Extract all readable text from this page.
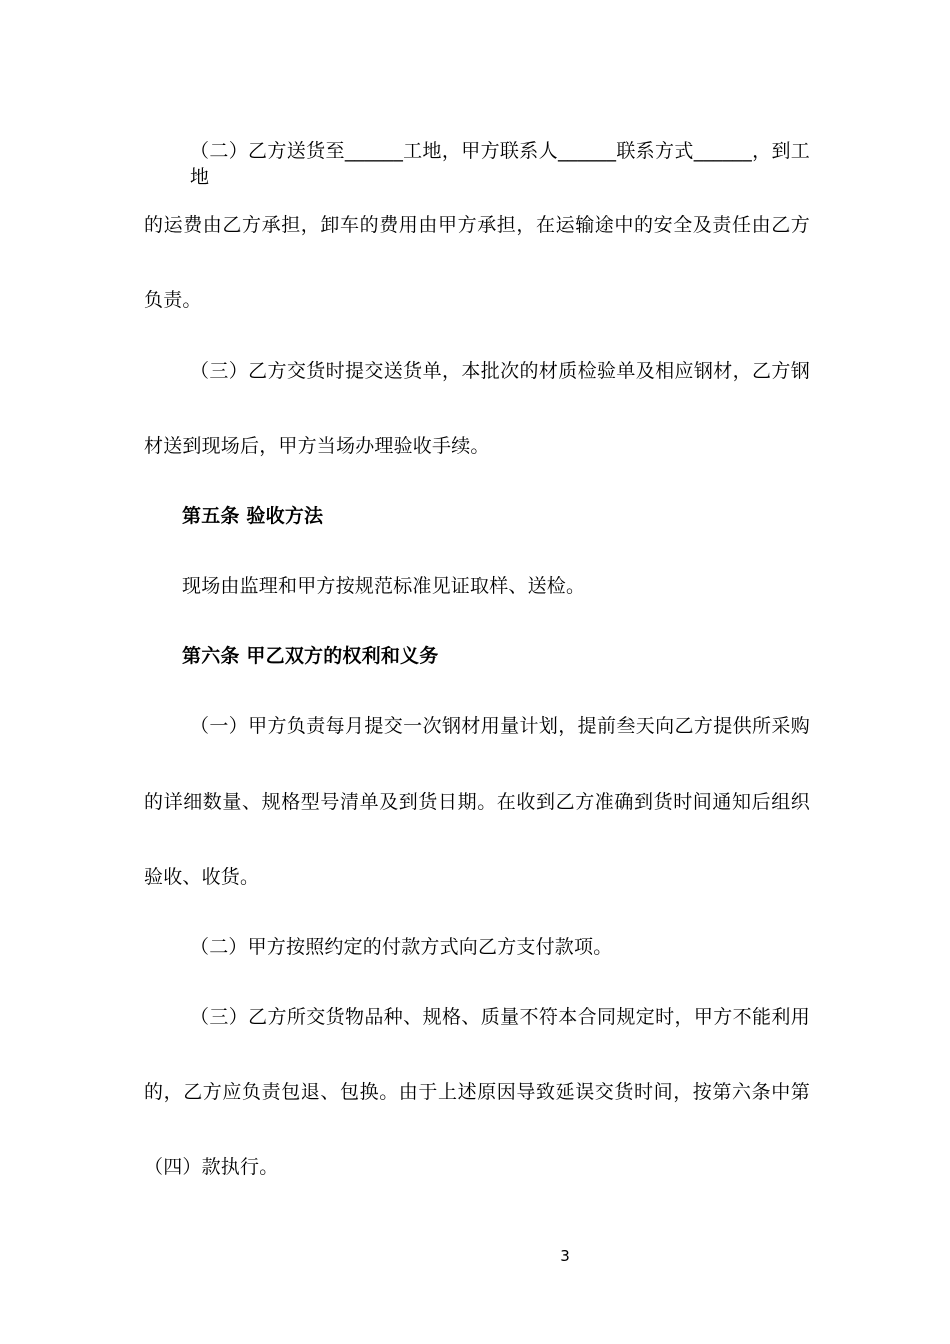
（二）乙方送货至______工地，甲方联系人______联系方式______，到工地
的运费由乙方承担，卸车的费用由甲方承担，在运输途中的安全及责任由乙方
负责。
（三）乙方交货时提交送货单，本批次的材质检验单及相应钢材，乙方钢
材送到现场后，甲方当场办理验收手续。
第五条 验收方法
现场由监理和甲方按规范标准见证取样、送检。
第六条 甲乙双方的权利和义务
（一）甲方负责每月提交一次钢材用量计划，提前叁天向乙方提供所采购
的详细数量、规格型号清单及到货日期。在收到乙方准确到货时间通知后组织
验收、收货。
（二）甲方按照约定的付款方式向乙方支付款项。
（三）乙方所交货物品种、规格、质量不符本合同规定时，甲方不能利用
的，乙方应负责包退、包换。由于上述原因导致延误交货时间，按第六条中第
（四）款执行。
3
